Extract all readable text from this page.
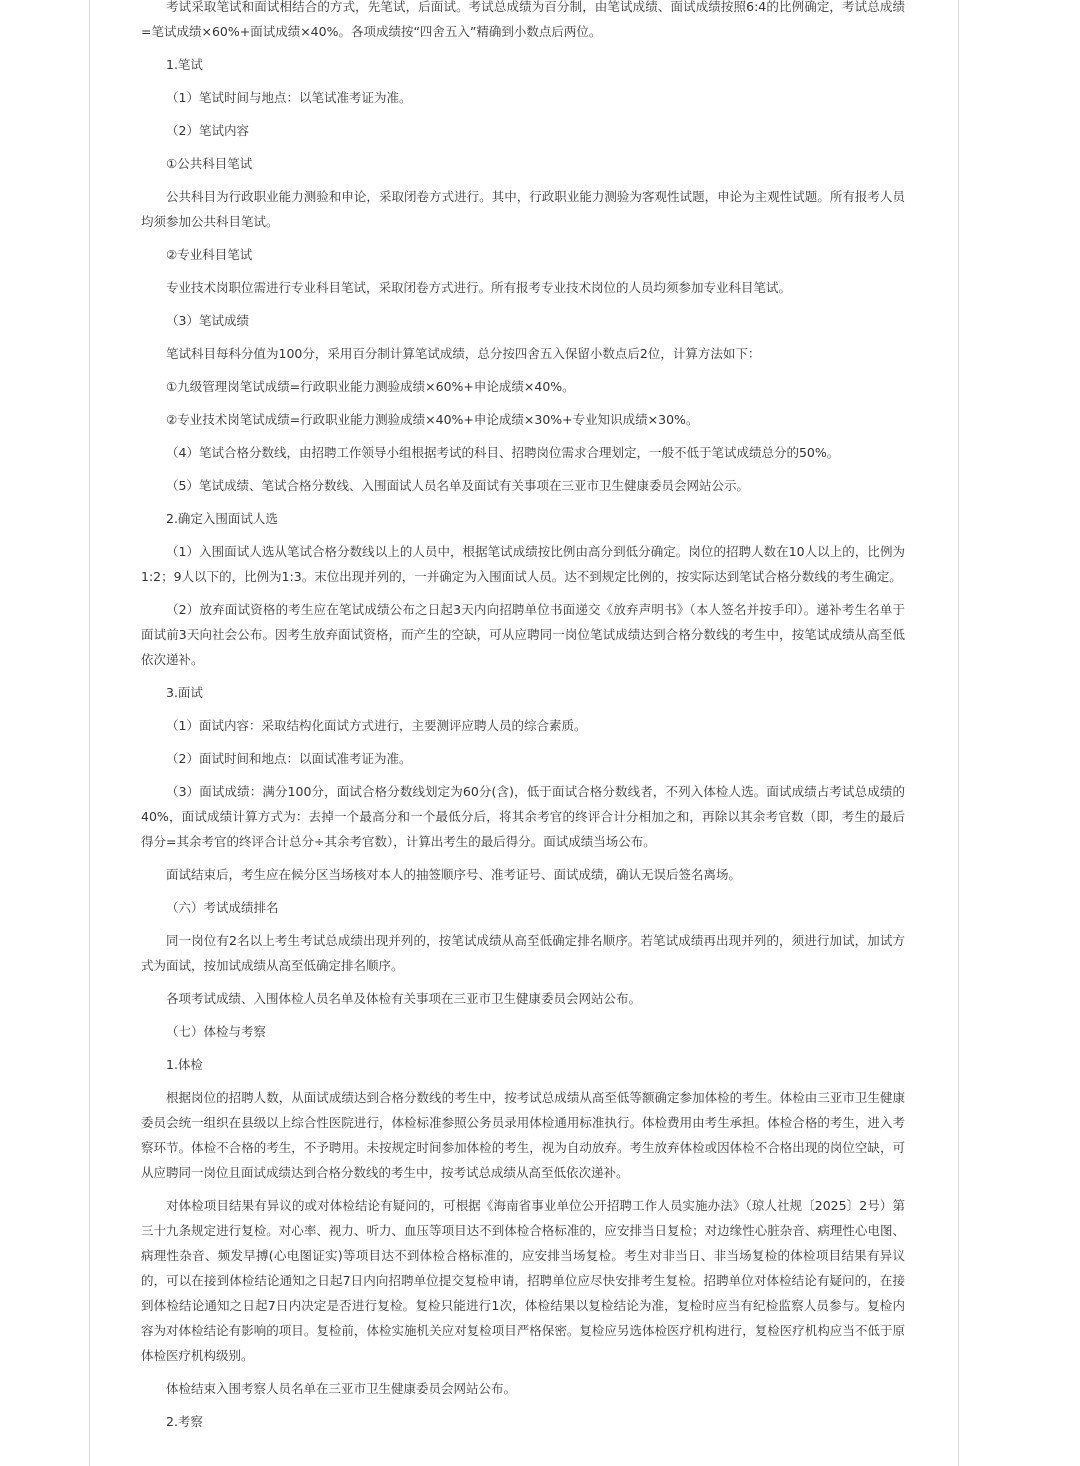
考试采取笔试和面试相结合的方式，先笔试，后面试。考试总成绩为百分制，由笔试成绩、面试成绩按照6:4的比例确定，考试总成绩=笔试成绩×60%+面试成绩×40%。各项成绩按“四舍五入”精确到小数点后两位。

1.笔试

（1）笔试时间与地点：以笔试准考证为准。

（2）笔试内容

①公共科目笔试

公共科目为行政职业能力测验和申论，采取闭卷方式进行。其中，行政职业能力测验为客观性试题，申论为主观性试题。所有报考人员均须参加公共科目笔试。

②专业科目笔试

专业技术岗职位需进行专业科目笔试，采取闭卷方式进行。所有报考专业技术岗位的人员均须参加专业科目笔试。

（3）笔试成绩

笔试科目每科分值为100分，采用百分制计算笔试成绩，总分按四舍五入保留小数点后2位，计算方法如下：

①九级管理岗笔试成绩=行政职业能力测验成绩×60%+申论成绩×40%。

②专业技术岗笔试成绩=行政职业能力测验成绩×40%+申论成绩×30%+专业知识成绩×30%。

（4）笔试合格分数线，由招聘工作领导小组根据考试的科目、招聘岗位需求合理划定，一般不低于笔试成绩总分的50%。

（5）笔试成绩、笔试合格分数线、入围面试人员名单及面试有关事项在三亚市卫生健康委员会网站公示。

2.确定入围面试人选

（1）入围面试人选从笔试合格分数线以上的人员中，根据笔试成绩按比例由高分到低分确定。岗位的招聘人数在10人以上的，比例为1:2；9人以下的，比例为1:3。末位出现并列的，一并确定为入围面试人员。达不到规定比例的，按实际达到笔试合格分数线的考生确定。

（2）放弃面试资格的考生应在笔试成绩公布之日起3天内向招聘单位书面递交《放弃声明书》（本人签名并按手印）。递补考生名单于面试前3天向社会公布。因考生放弃面试资格，而产生的空缺，可从应聘同一岗位笔试成绩达到合格分数线的考生中，按笔试成绩从高至低依次递补。

3.面试

（1）面试内容：采取结构化面试方式进行，主要测评应聘人员的综合素质。

（2）面试时间和地点：以面试准考证为准。

（3）面试成绩：满分100分，面试合格分数线划定为60分(含)，低于面试合格分数线者，不列入体检人选。面试成绩占考试总成绩的40%，面试成绩计算方式为：去掉一个最高分和一个最低分后，将其余考官的终评合计分相加之和，再除以其余考官数（即，考生的最后得分=其余考官的终评合计总分÷其余考官数），计算出考生的最后得分。面试成绩当场公布。

面试结束后，考生应在候分区当场核对本人的抽签顺序号、准考证号、面试成绩，确认无误后签名离场。

（六）考试成绩排名

同一岗位有2名以上考生考试总成绩出现并列的，按笔试成绩从高至低确定排名顺序。若笔试成绩再出现并列的，须进行加试，加试方式为面试，按加试成绩从高至低确定排名顺序。

各项考试成绩、入围体检人员名单及体检有关事项在三亚市卫生健康委员会网站公布。

（七）体检与考察

1.体检

根据岗位的招聘人数，从面试成绩达到合格分数线的考生中，按考试总成绩从高至低等额确定参加体检的考生。体检由三亚市卫生健康委员会统一组织在县级以上综合性医院进行，体检标准参照公务员录用体检通用标准执行。体检费用由考生承担。体检合格的考生，进入考察环节。体检不合格的考生，不予聘用。未按规定时间参加体检的考生，视为自动放弃。考生放弃体检或因体检不合格出现的岗位空缺，可从应聘同一岗位且面试成绩达到合格分数线的考生中，按考试总成绩从高至低依次递补。

对体检项目结果有异议的或对体检结论有疑问的，可根据《海南省事业单位公开招聘工作人员实施办法》（琼人社规〔2025〕2号）第三十九条规定进行复检。对心率、视力、听力、血压等项目达不到体检合格标准的，应安排当日复检；对边缘性心脏杂音、病理性心电图、病理性杂音、频发早搏(心电图证实)等项目达不到体检合格标准的，应安排当场复检。考生对非当日、非当场复检的体检项目结果有异议的，可以在接到体检结论通知之日起7日内向招聘单位提交复检申请，招聘单位应尽快安排考生复检。招聘单位对体检结论有疑问的，在接到体检结论通知之日起7日内决定是否进行复检。复检只能进行1次，体检结果以复检结论为准，复检时应当有纪检监察人员参与。复检内容为对体检结论有影响的项目。复检前，体检实施机关应对复检项目严格保密。复检应另选体检医疗机构进行，复检医疗机构应当不低于原体检医疗机构级别。

体检结束入围考察人员名单在三亚市卫生健康委员会网站公布。

2.考察
